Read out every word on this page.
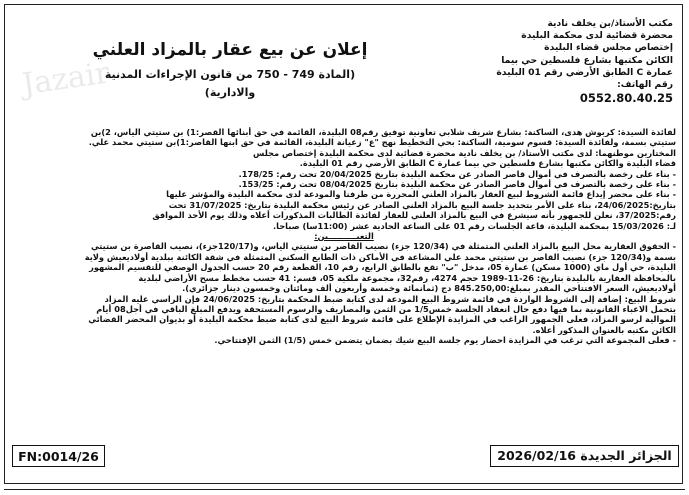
Jazair
مكتب الأستاذ/بن يخلف نادية
محضرة قضائية لدى محكمة البليدة
إختصاص مجلس قضاء البليدة
الكائن مكتبها بشارع فلسطين حي بيما
عمارة C الطابق الأرضي رقم 01 البليدة
رقم الهاتف:
0552.80.40.25
إعلان عن بيع عقار بالمزاد العلني
(المادة 749 - 750 من قانون الإجراءات المدنية والادارية)

لفائدة السيدة: كربوش هدى، الساكنة: بشارع شريف شلابي تعاونية توفيق رقم08 البليدة، القائمة في حق أبنائها القصر:1) بن ستيتي الياس، 2)بن

ستيتي بسمة، ولفائدة السيدة: قسوم سومية، الساكنة: بحي التخطيط نهج "ع" زعيانة البليدة، القائمة في حق ابنها القاصر:1)بن ستيتي محمد علي.

المختارين موطنهما: لدى مكتب الأستاذ/ بن يخلف نادية محضرة قضائية لدى محكمة البليدة إختصاص مجلس

قضاء البليدة والكائن مكتبها بشارع فلسطين حي بيما عمارة C الطابق الأرضي رقم 01 البليدة.

- بناء على رخصة بالتصرف في أموال قاصر الصادر عن محكمة البليدة بتاريخ 20/04/2025 تحت رقم: 178/25.

- بناء على رخصة بالتصرف في أموال قاصر الصادر عن محكمة البليدة بتاريخ 08/04/2025 تحت رقم: 153/25.

- بناء على محضر إيداع قائمة الشروط لبيع العقار بالمزاد العلني المحررة من طرفنا والمودعة لدى محكمة البليدة والمؤشر عليها

بتاريخ:24/06/2025، بناء على الأمر بتحديد جلسة البيع بالمزاد العلني الصادر عن رئيس محكمة البليدة بتاريخ: 31/07/2025 تحت

رقم:37/2025، نعلن للجمهور بأنه سيشرع في البيع بالمزاد العلني للعقار لفائدة الطالبات المذكورات أعلاه وذلك يوم الأحد الموافق

لـ: 15/03/2026 بمحكمة البليدة، قاعة الجلسات رقم 01 على الساعة الحادية عشر (11:00سا) صباحا.

التعيــــــــــين:

- الحقوق العقارية محل البيع بالمزاد العلني المتمثلة في (120/34 جزء) نصيب القاصر بن ستيتي الياس، و(120/17جزء)، نصيب القاصرة بن ستيتي

بسمة و(120/34 جزء) نصيب القاصر بن ستيتي محمد علي المشاعة في الأماكن ذات الطابع السكني المتمثلة في شقة الكائنة ببلدية أولاديعيش ولاية

البليدة، حي أول ماي (1000 مسكن) عمارة 05، مدخل "ب" تقع بالطابق الرابع، رقم 10، القطعة رقم 20 حسب الجدول الوصفي للتقسيم المشهور

بالمحافظة العقارية بالبليدة بتاريخ: 26-11-1989 حجم 4274، رقم32، مجموعة ملكية 05، قسم: 41 حسب مخطط مسح الأراضي لبلدية

أولاديعيش، السعر الافتتاحي المقدر بمبلغ:845.250,00 دج (ثمانمائة وخمسة وأربعون ألف ومائتان وخمسون دينار جزائري).

شروط البيع: إضافة إلى الشروط الواردة في قائمة شروط البيع المودعة لدى كتابة ضبط المحكمة بتاريخ: 24/06/2025 فإن الراسي عليه المزاد

يتحمل الاعباء القانونية بما فيها دفع حال انعقاد الجلسة خمس1/5 من الثمن والمصاريف والرسوم المستحقة ويدفع المبلغ الباقي في أجل08 أيام

الموالية لرسو المزاد، فعلى الجمهور الراغب في المزايدة الإطلاع على قائمة شروط البيع لدى كتابة ضبط محكمة البليدة أو بديوان المحضر القضائي

الكائن مكتبه بالعنوان المذكور أعلاه.

- فعلى المجموعة التي ترغب في المزايدة احضار يوم جلسة البيع شيك بضمان يتضمن خمس (1/5) الثمن الإفتتاحي.

FN:0014/26	الجزائر الجديدة 2026/02/16
